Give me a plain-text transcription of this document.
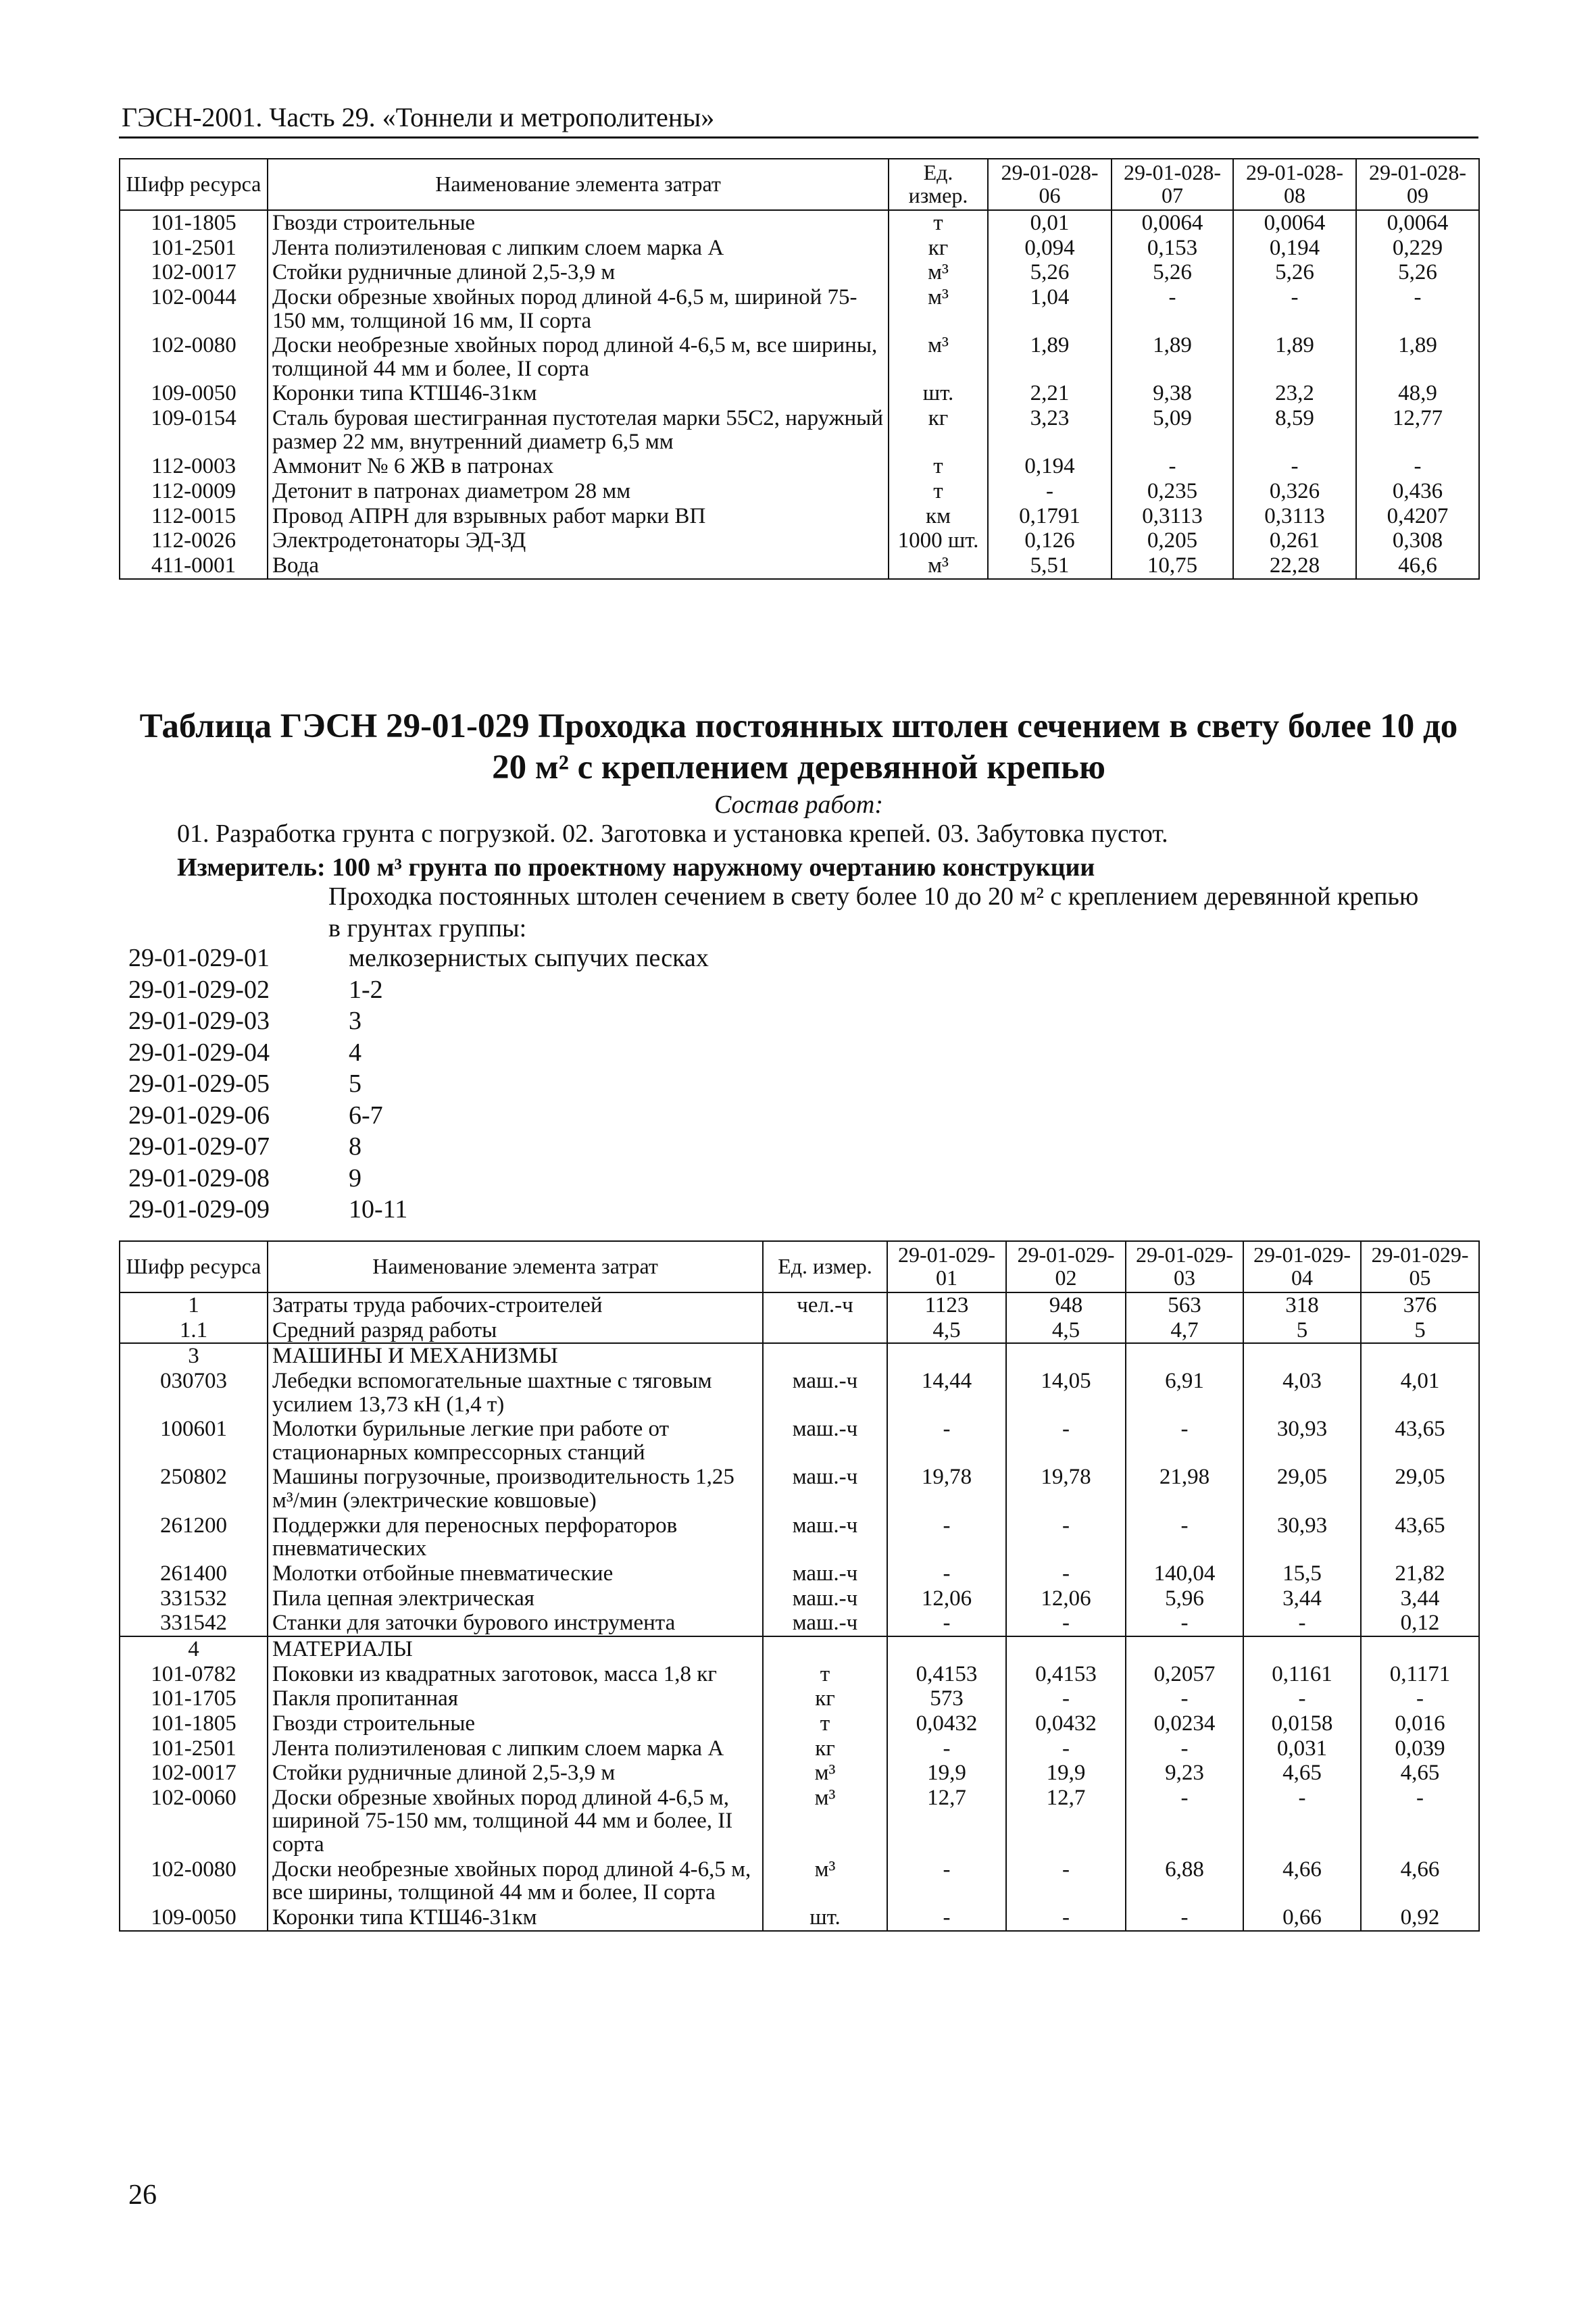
ГЭСН-2001. Часть 29. «Тоннели и метрополитены»
Шифр ресурса	Наименование элемента затрат	Ед. измер.	29-01-028-06	29-01-028-07	29-01-028-08	29-01-028-09
101-1805	Гвозди строительные	т	0,01	0,0064	0,0064	0,0064
101-2501	Лента полиэтиленовая с липким слоем марка А	кг	0,094	0,153	0,194	0,229
102-0017	Стойки рудничные длиной 2,5-3,9 м	м³	5,26	5,26	5,26	5,26
102-0044	Доски обрезные хвойных пород длиной 4-6,5 м, шириной 75-150 мм, толщиной 16 мм, II сорта	м³	1,04	-	-	-
102-0080	Доски необрезные хвойных пород длиной 4-6,5 м, все ширины, толщиной 44 мм и более, II сорта	м³	1,89	1,89	1,89	1,89
109-0050	Коронки типа КТШ46-31км	шт.	2,21	9,38	23,2	48,9
109-0154	Сталь буровая шестигранная пустотелая марки 55С2, наружный размер 22 мм, внутренний диаметр 6,5 мм	кг	3,23	5,09	8,59	12,77
112-0003	Аммонит № 6 ЖВ в патронах	т	0,194	-	-	-
112-0009	Детонит в патронах диаметром 28 мм	т	-	0,235	0,326	0,436
112-0015	Провод АПРН для взрывных работ марки ВП	км	0,1791	0,3113	0,3113	0,4207
112-0026	Электродетонаторы ЭД-ЗД	1000 шт.	0,126	0,205	0,261	0,308
411-0001	Вода	м³	5,51	10,75	22,28	46,6
Таблица ГЭСН 29-01-029 Проходка постоянных штолен сечением в свету более 10 до 20 м² с креплением деревянной крепью
Состав работ:
01. Разработка грунта с погрузкой. 02. Заготовка и установка крепей. 03. Забутовка пустот.
Измеритель: 100 м³ грунта по проектному наружному очертанию конструкции
Проходка постоянных штолен сечением в свету более 10 до 20 м² с креплением деревянной крепью в грунтах группы:
29-01-029-01	мелкозернистых сыпучих песках
29-01-029-02	1-2
29-01-029-03	3
29-01-029-04	4
29-01-029-05	5
29-01-029-06	6-7
29-01-029-07	8
29-01-029-08	9
29-01-029-09	10-11
Шифр ресурса	Наименование элемента затрат	Ед. измер.	29-01-029-01	29-01-029-02	29-01-029-03	29-01-029-04	29-01-029-05
1	Затраты труда рабочих-строителей	чел.-ч	1123	948	563	318	376
1.1	Средний разряд работы		4,5	4,5	4,7	5	5
3	МАШИНЫ И МЕХАНИЗМЫ						
030703	Лебедки вспомогательные шахтные с тяговым усилием 13,73 кН (1,4 т)	маш.-ч	14,44	14,05	6,91	4,03	4,01
100601	Молотки бурильные легкие при работе от стационарных компрессорных станций	маш.-ч	-	-	-	30,93	43,65
250802	Машины погрузочные, производительность 1,25 м³/мин (электрические ковшовые)	маш.-ч	19,78	19,78	21,98	29,05	29,05
261200	Поддержки для переносных перфораторов пневматических	маш.-ч	-	-	-	30,93	43,65
261400	Молотки отбойные пневматические	маш.-ч	-	-	140,04	15,5	21,82
331532	Пила цепная электрическая	маш.-ч	12,06	12,06	5,96	3,44	3,44
331542	Станки для заточки бурового инструмента	маш.-ч	-	-	-	-	0,12
4	МАТЕРИАЛЫ						
101-0782	Поковки из квадратных заготовок, масса 1,8 кг	т	0,4153	0,4153	0,2057	0,1161	0,1171
101-1705	Пакля пропитанная	кг	573	-	-	-	-
101-1805	Гвозди строительные	т	0,0432	0,0432	0,0234	0,0158	0,016
101-2501	Лента полиэтиленовая с липким слоем марка А	кг	-	-	-	0,031	0,039
102-0017	Стойки рудничные длиной 2,5-3,9 м	м³	19,9	19,9	9,23	4,65	4,65
102-0060	Доски обрезные хвойных пород длиной 4-6,5 м, шириной 75-150 мм, толщиной 44 мм и более, II сорта	м³	12,7	12,7	-	-	-
102-0080	Доски необрезные хвойных пород длиной 4-6,5 м, все ширины, толщиной 44 мм и более, II сорта	м³	-	-	6,88	4,66	4,66
109-0050	Коронки типа КТШ46-31км	шт.	-	-	-	0,66	0,92
26
